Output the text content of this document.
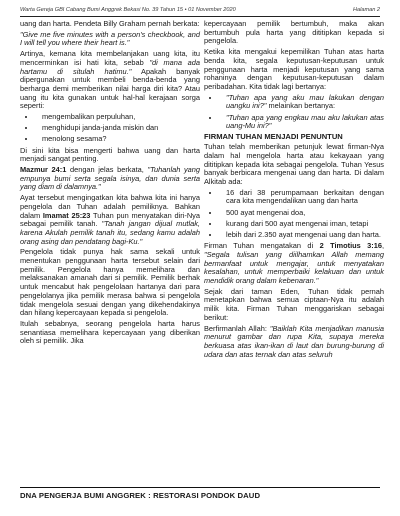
Warta Gereja GBI Cabang Bumi Anggrek Bekasi No. 39 Tahun 15 • 01 November 2020	Halaman 2

uang dan harta. Pendeta Billy Graham pernah berkata:

"Give me five minutes with a person's checkbook, and I will tell you where their heart is."

Artinya, kemana kita membelanjakan uang kita, itu mencerminkan isi hati kita, sebab "di mana ada hartamu di situlah hatimu." Apakah banyak dipergunakan untuk membeli benda-benda yang berharga demi memberikan nilai harga diri kita? Atau uang itu kita gunakan untuk hal-hal kerajaan sorga seperti:

• mengembalikan perpuluhan,
• menghidupi janda-janda miskin dan
• menolong sesama?

Di sini kita bisa mengerti bahwa uang dan harta menjadi sangat penting.

Mazmur 24:1 dengan jelas berkata, "Tuhanlah yang empunya bumi serta segala isinya, dan dunia serta yang diam di dalamnya."

Ayat tersebut mengingatkan kita bahwa kita ini hanya pengelola dan Tuhan adalah pemiliknya. Bahkan dalam Imamat 25:23 Tuhan pun menyatakan diri-Nya sebagai pemilik tanah. "Tanah jangan dijual mutlak, karena Akulah pemilik tanah itu, sedang kamu adalah orang asing dan pendatang bagi-Ku."

Pengelola tidak punya hak sama sekali untuk menentukan penggunaan harta tersebut selain dari pemilik. Pengelola hanya memelihara dan melaksanakan amanah dari si pemilik. Pemilik berhak untuk mencabut hak pengelolaan hartanya dari para pengelolanya jika pemilik merasa bahwa si pengelola tidak mengelola sesuai dengan yang dikehendakinya dan hilang kepercayaan kepada si pengelola.

Itulah sebabnya, seorang pengelola harta harus senantiasa memelihara kepercayaan yang diberikan oleh si pemilik. Jika

kepercayaan pemilik bertumbuh, maka akan bertumbuh pula harta yang dititipkan kepada si pengelola.

Ketika kita mengakui kepemilikan Tuhan atas harta benda kita, segala keputusan-keputusan untuk penggunaan harta menjadi keputusan yang sama rohaninya dengan keputusan-keputusan dalam peribadahan. Kita tidak lagi bertanya:

• "Tuhan apa yang aku mau lakukan dengan uangku ini?" melainkan bertanya:
• "Tuhan apa yang engkau mau aku lakukan atas uang-Mu ini?"
FIRMAN TUHAN MENJADI PENUNTUN

Tuhan telah memberikan petunjuk lewat firman-Nya dalam hal mengelola harta atau kekayaan yang dititipkan kepada kita sebagai pengelola. Tuhan Yesus banyak berbicara mengenai uang dan harta. Di dalam Alkitab ada:

• 16 dari 38 perumpamaan berkaitan dengan cara kita mengendalikan uang dan harta
• 500 ayat mengenai doa,
• kurang dari 500 ayat mengenai iman, tetapi
• lebih dari 2.350 ayat mengenai uang dan harta.

Firman Tuhan mengatakan di 2 Timotius 3:16, "Segala tulisan yang diilhamkan Allah memang bermanfaat untuk mengajar, untuk menyatakan kesalahan, untuk memperbaiki kelakuan dan untuk mendidik orang dalam kebenaran."

Sejak dari taman Eden, Tuhan tidak pernah menetapkan bahwa semua ciptaan-Nya itu adalah milik kita. Firman Tuhan menggariskan sebagai berikut:

Berfirmanlah Allah: "Baiklah Kita menjadikan manusia menurut gambar dan rupa Kita, supaya mereka berkuasa atas ikan-ikan di laut dan burung-burung di udara dan atas ternak dan atas seluruh

DNA PENGERJA BUMI ANGGREK : RESTORASI PONDOK DAUD
